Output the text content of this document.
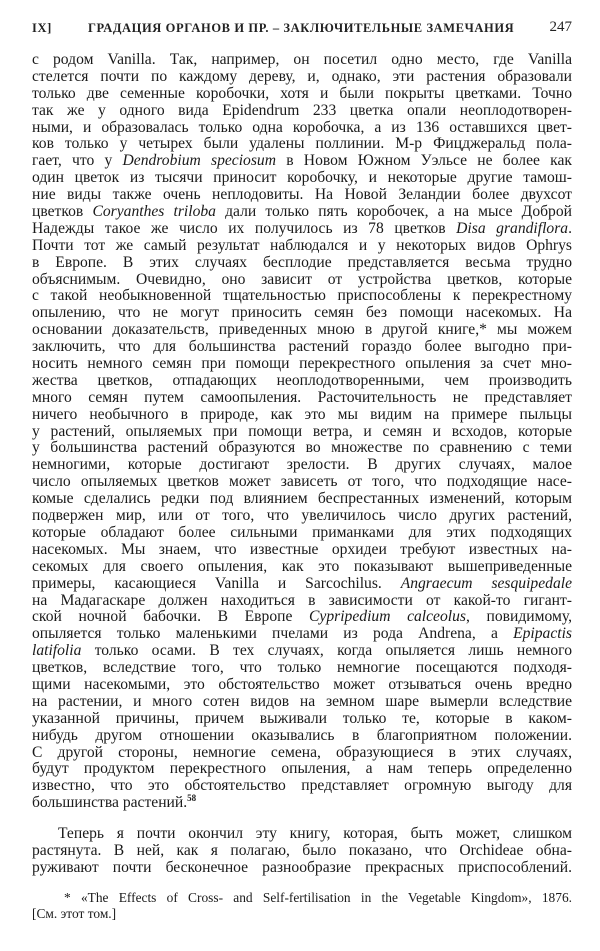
IX]	ГРАДАЦИЯ ОРГАНОВ И ПР. – ЗАКЛЮЧИТЕЛЬНЫЕ ЗАМЕЧАНИЯ 247
с родом Vanilla. Так, например, он посетил одно место, где Vanilla
стелется почти по каждому дереву, и, однако, эти растения образовали
только две семенные коробочки, хотя и были покрыты цветками. Точно
так же у одного вида Epidendrum 233 цветка опали неоплодотворен-
ными, и образовалась только одна коробочка, а из 136 оставшихся цвет-
ков только у четырех были удалены поллинии. М-р Фицджеральд пола-
гает, что у Dendrobium speciosum в Новом Южном Уэльсе не более как
один цветок из тысячи приносит коробочку, и некоторые другие тамош-
ние виды также очень неплодовиты. На Новой Зеландии более двухсот
цветков Coryanthes triloba дали только пять коробочек, а на мысе Доброй
Надежды такое же число их получилось из 78 цветков Disa grandiflora.
Почти тот же самый результат наблюдался и у некоторых видов Ophrys
в Европе. В этих случаях бесплодие представляется весьма трудно
объяснимым. Очевидно, оно зависит от устройства цветков, которые
с такой необыкновенной тщательностью приспособлены к перекрестному
опылению, что не могут приносить семян без помощи насекомых. На
основании доказательств, приведенных мною в другой книге,* мы можем
заключить, что для большинства растений гораздо более выгодно при-
носить немного семян при помощи перекрестного опыления за счет мно-
жества цветков, отпадающих неоплодотворенными, чем производить
много семян путем самоопыления. Расточительность не представляет
ничего необычного в природе, как это мы видим на примере пыльцы
у растений, опыляемых при помощи ветра, и семян и всходов, которые
у большинства растений образуются во множестве по сравнению с теми
немногими, которые достигают зрелости. В других случаях, малое
число опыляемых цветков может зависеть от того, что подходящие насе-
комые сделались редки под влиянием беспрестанных изменений, которым
подвержен мир, или от того, что увеличилось число других растений,
которые обладают более сильными приманками для этих подходящих
насекомых. Мы знаем, что известные орхидеи требуют известных на-
секомых для своего опыления, как это показывают вышеприведенные
примеры, касающиеся Vanilla и Sarcochilus. Angraecum sesquipedale
на Мадагаскаре должен находиться в зависимости от какой-то гигант-
ской ночной бабочки. В Европе Cypripedium calceolus, повидимому,
опыляется только маленькими пчелами из рода Andrena, а Epipactis
latifolia только осами. В тех случаях, когда опыляется лишь немного
цветков, вследствие того, что только немногие посещаются подходя-
щими насекомыми, это обстоятельство может отзываться очень вредно
на растении, и много сотен видов на земном шаре вымерли вследствие
указанной причины, причем выживали только те, которые в каком-
нибудь другом отношении оказывались в благоприятном положении.
С другой стороны, немногие семена, образующиеся в этих случаях,
будут продуктом перекрестного опыления, а нам теперь определенно
известно, что это обстоятельство представляет огромную выгоду для
большинства растений.$^{58}$
Теперь я почти окончил эту книгу, которая, быть может, слишком
растянута. В ней, как я полагаю, было показано, что Orchideae обна-
руживают почти бесконечное разнообразие прекрасных приспособлений.
* «The Effects of Cross- and Self-fertilisation in the Vegetable Kingdom», 1876.
[См. этот том.]
